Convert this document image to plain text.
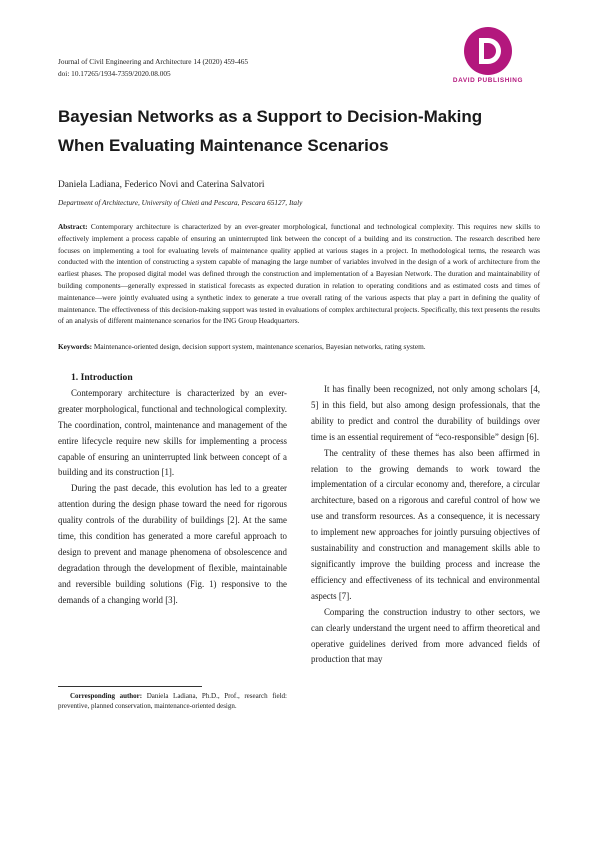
Journal of Civil Engineering and Architecture 14 (2020) 459-465
doi: 10.17265/1934-7359/2020.08.005
DAVID PUBLISHING
Bayesian Networks as a Support to Decision-Making
When Evaluating Maintenance Scenarios
Daniela Ladiana, Federico Novi and Caterina Salvatori
Department of Architecture, University of Chieti and Pescara, Pescara 65127, Italy
Abstract: Contemporary architecture is characterized by an ever-greater morphological, functional and technological complexity. This requires new skills to effectively implement a process capable of ensuring an uninterrupted link between the concept of a building and its construction. The research described here focuses on implementing a tool for evaluating levels of maintenance quality applied at various stages in a project. In methodological terms, the research was conducted with the intention of constructing a system capable of managing the large number of variables involved in the design of a work of architecture from the earliest phases. The proposed digital model was defined through the construction and implementation of a Bayesian Network. The duration and maintainability of building components—generally expressed in statistical forecasts as expected duration in relation to operating conditions and as estimated costs and times of maintenance—were jointly evaluated using a synthetic index to generate a true overall rating of the various aspects that play a part in defining the quality of maintenance. The effectiveness of this decision-making support was tested in evaluations of complex architectural projects. Specifically, this text presents the results of an analysis of different maintenance scenarios for the ING Group Headquarters.
Keywords: Maintenance-oriented design, decision support system, maintenance scenarios, Bayesian networks, rating system.

1. Introduction

Contemporary architecture is characterized by an ever-greater morphological, functional and technological complexity. The coordination, control, maintenance and management of the entire lifecycle require new skills for implementing a process capable of ensuring an uninterrupted link between concept of a building and its construction [1].

During the past decade, this evolution has led to a greater attention during the design phase toward the need for rigorous quality controls of the durability of buildings [2]. At the same time, this condition has generated a more careful approach to design to prevent and manage phenomena of obsolescence and degradation through the development of flexible, maintainable and reversible building solutions (Fig. 1) responsive to the demands of a changing world [3].

It has finally been recognized, not only among scholars [4, 5] in this field, but also among design professionals, that the ability to predict and control the durability of buildings over time is an essential requirement of “eco-responsible” design [6].

The centrality of these themes has also been affirmed in relation to the growing demands to work toward the implementation of a circular economy and, therefore, a circular architecture, based on a rigorous and careful control of how we use and transform resources. As a consequence, it is necessary to implement new approaches for jointly pursuing objectives of sustainability and construction and management skills able to significantly improve the building process and increase the efficiency and effectiveness of its technical and environmental aspects [7].

Comparing the construction industry to other sectors, we can clearly understand the urgent need to affirm theoretical and operative guidelines derived from more advanced fields of production that may

Corresponding author: Daniela Ladiana, Ph.D., Prof., research field: preventive, planned conservation, maintenance-oriented design.
